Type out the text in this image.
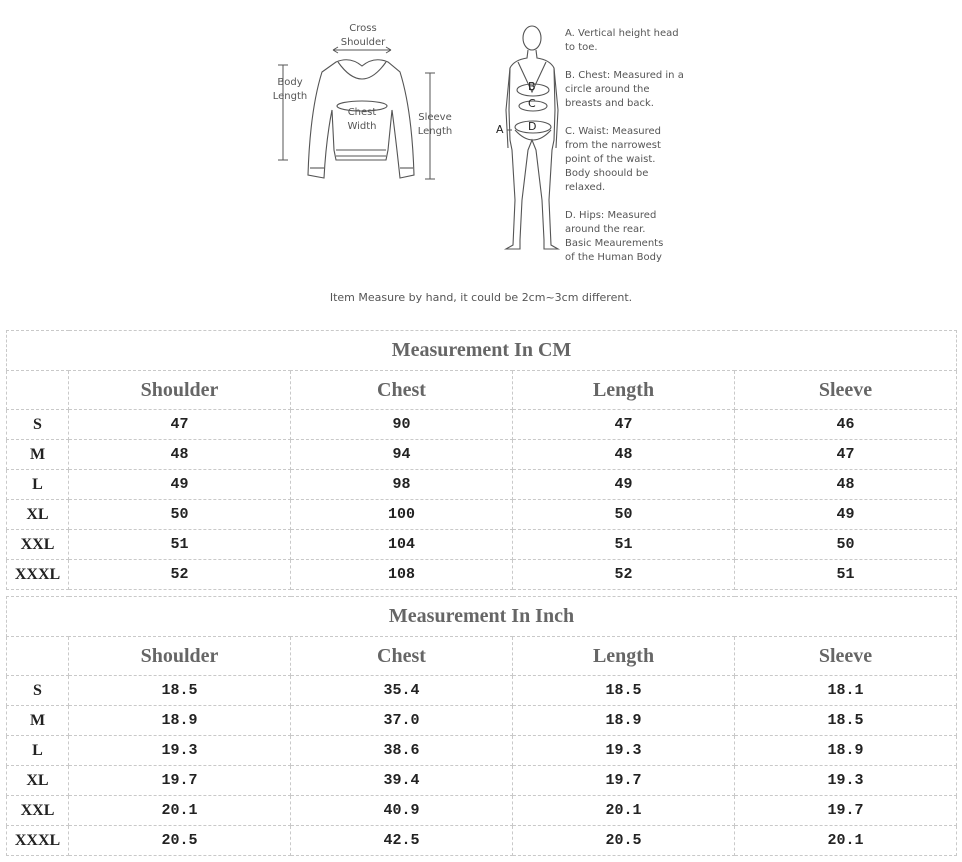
Cross
Shoulder
Body
Length
Chest
Width
Sleeve
Length	A
B
C
D
A. Vertical height head
to toe.
B. Chest: Measured in a
circle around the
breasts and back.
C. Waist: Measured
from the narrowest
point of the waist.
Body shoould be
relaxed.
D. Hips: Measured
around the rear.
Basic Meaurements
of the Human Body
Item Measure by hand, it could be 2cm~3cm different.
Measurement In CM				
	Shoulder	Chest	Length	Sleeve
S	47	90	47	46
M	48	94	48	47
L	49	98	49	48
XL	50	100	50	49
XXL	51	104	51	50
XXXL	52	108	52	51
Measurement In Inch				
	Shoulder	Chest	Length	Sleeve
S	18.5	35.4	18.5	18.1
M	18.9	37.0	18.9	18.5
L	19.3	38.6	19.3	18.9
XL	19.7	39.4	19.7	19.3
XXL	20.1	40.9	20.1	19.7
XXXL	20.5	42.5	20.5	20.1
